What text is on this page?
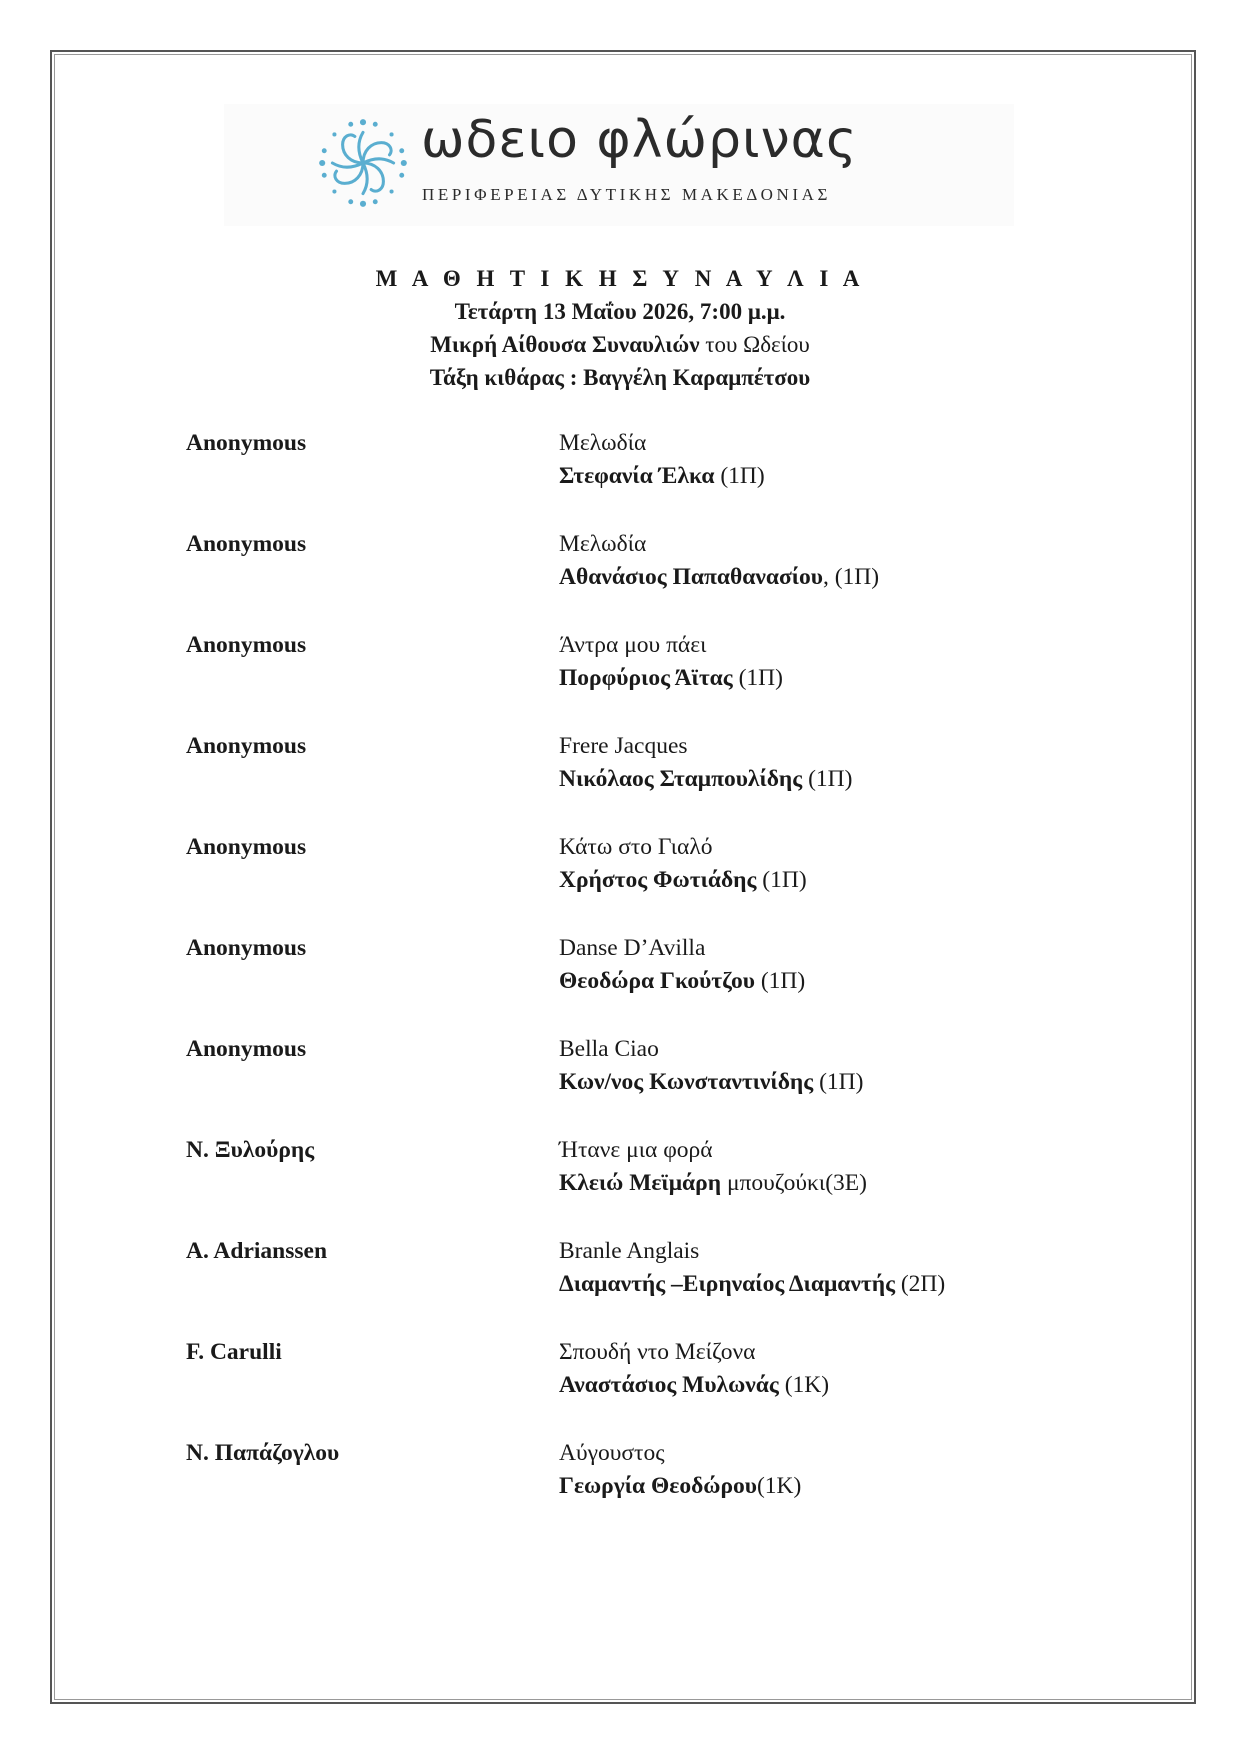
ωδειο φλώρινας
ΠΕΡΙΦΕΡΕΙΑΣ ΔΥΤΙΚΗΣ ΜΑΚΕΔΟΝΙΑΣ
Μ Α Θ Η Τ Ι Κ Η Σ Υ Ν Α Υ Λ Ι Α
Τετάρτη 13 Μαΐου 2026, 7:00 μ.μ.
Μικρή Αίθουσα Συναυλιών του Ωδείου
Τάξη κιθάρας : Βαγγέλη Καραμπέτσου
Anonymous	Μελωδία
Στεφανία Έλκα (1Π)
Anonymous	Μελωδία
Αθανάσιος Παπαθανασίου, (1Π)
Anonymous	Άντρα μου πάει
Πορφύριος Άϊτας (1Π)
Anonymous	Frere Jacques
Νικόλαος Σταμπουλίδης (1Π)
Anonymous	Κάτω στο Γιαλό
Χρήστος Φωτιάδης (1Π)
Anonymous	Danse D’Avilla
Θεοδώρα Γκούτζου (1Π)
Anonymous	Bella Ciao
Κων/νος Κωνσταντινίδης (1Π)
Ν. Ξυλούρης	Ήτανε μια φορά
Κλειώ Μεϊμάρη μπουζούκι(3Ε)
A. Adrianssen	Branle Anglais
Διαμαντής –Ειρηναίος Διαμαντής (2Π)
F. Carulli	Σπουδή ντο Μείζονα
Αναστάσιος Μυλωνάς (1Κ)
Ν. Παπάζογλου	Αύγουστος
Γεωργία Θεοδώρου(1Κ)
